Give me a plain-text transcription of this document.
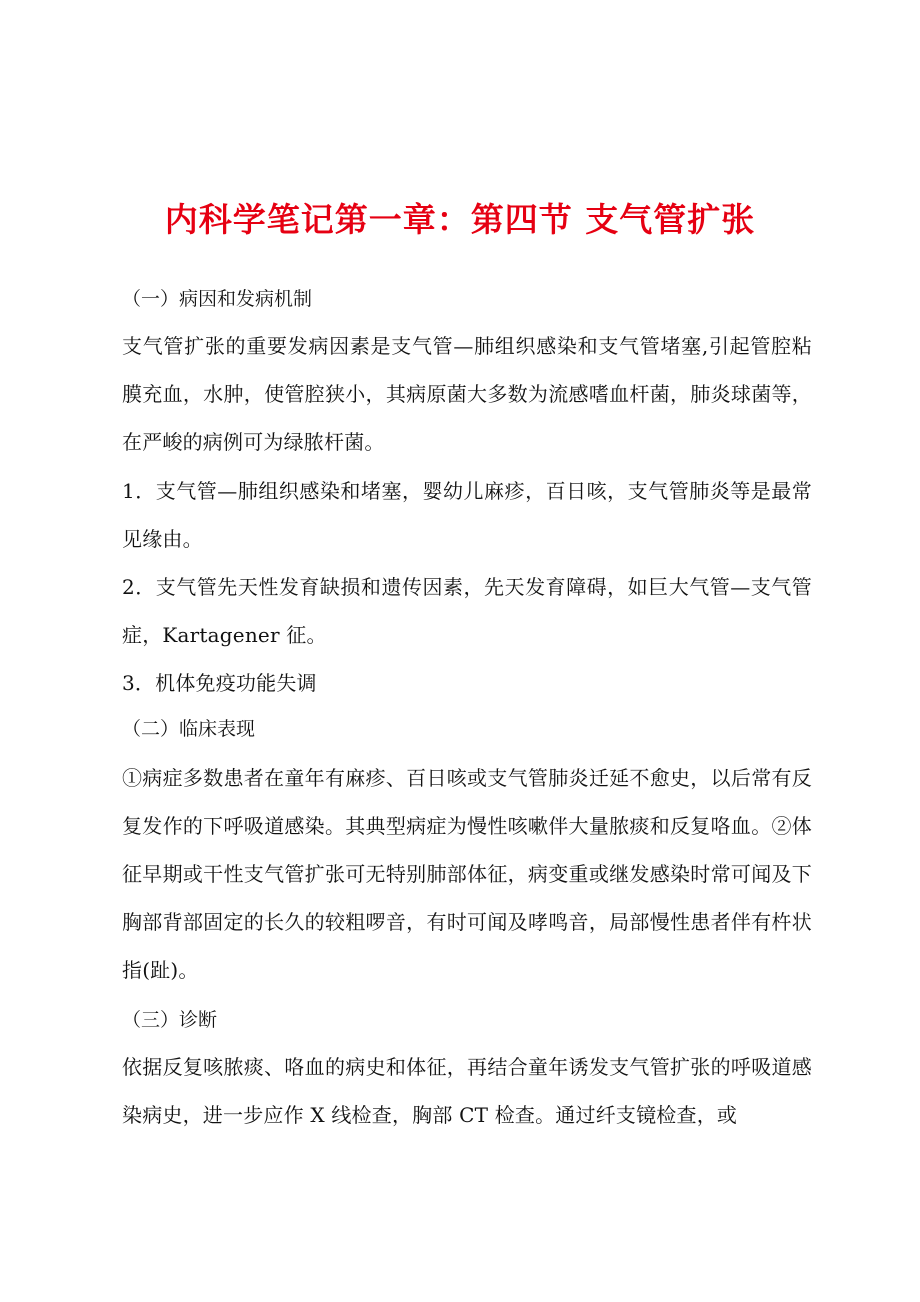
内科学笔记第一章：第四节 支气管扩张
（一）病因和发病机制
支气管扩张的重要发病因素是支气管—肺组织感染和支气管堵塞,引起管腔粘膜充血，水肿，使管腔狭小，其病原菌大多数为流感嗜血杆菌，肺炎球菌等，在严峻的病例可为绿脓杆菌。
1．支气管—肺组织感染和堵塞，婴幼儿麻疹，百日咳，支气管肺炎等是最常见缘由。
2．支气管先天性发育缺损和遗传因素，先天发育障碍，如巨大气管—支气管症，Kartagener 征。
3．机体免疫功能失调
（二）临床表现
①病症多数患者在童年有麻疹、百日咳或支气管肺炎迁延不愈史，以后常有反复发作的下呼吸道感染。其典型病症为慢性咳嗽伴大量脓痰和反复咯血。②体征早期或干性支气管扩张可无特别肺部体征，病变重或继发感染时常可闻及下胸部背部固定的长久的较粗啰音，有时可闻及哮鸣音，局部慢性患者伴有杵状指(趾)。
（三）诊断
依据反复咳脓痰、咯血的病史和体征，再结合童年诱发支气管扩张的呼吸道感染病史，进一步应作 X 线检查，胸部 CT 检查。通过纤支镜检查，或
